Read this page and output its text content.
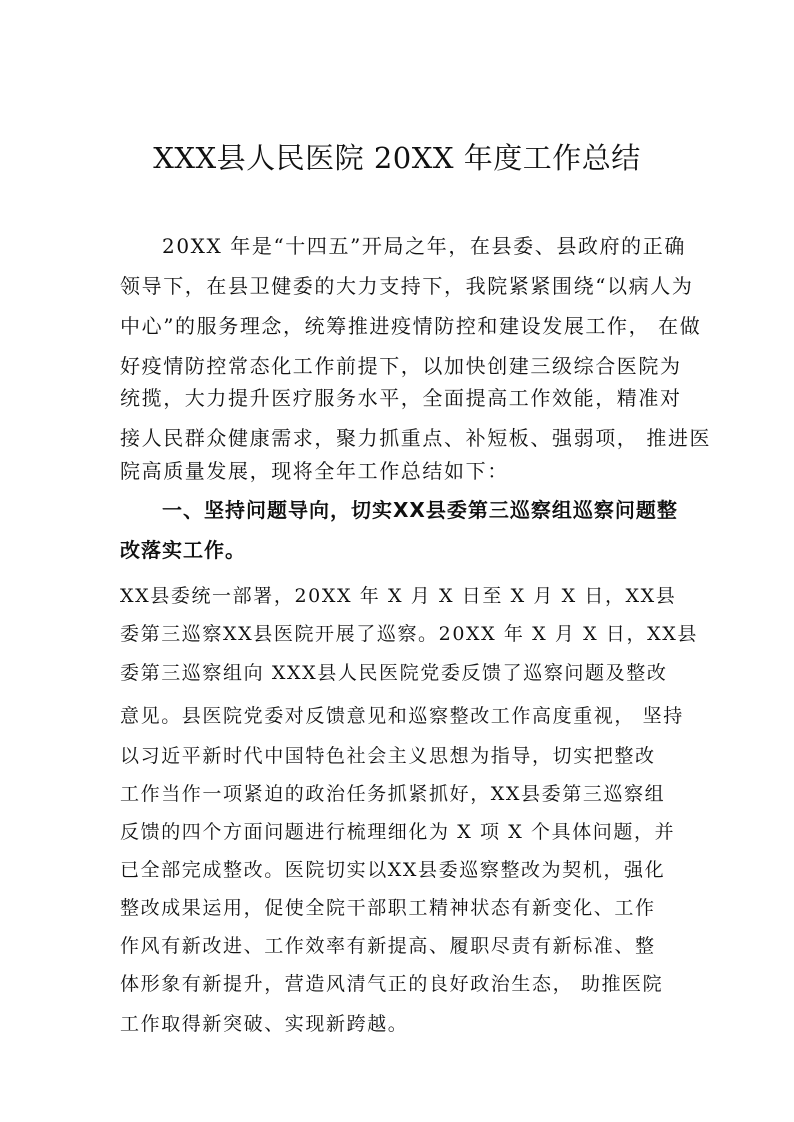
XXX县人民医院 20XX 年度工作总结
20XX 年是“十四五”开局之年，在县委、县政府的正确
领导下，在县卫健委的大力支持下，我院紧紧围绕“以病人为
中心”的服务理念，统筹推进疫情防控和建设发展工作， 在做
好疫情防控常态化工作前提下，以加快创建三级综合医院为
统揽，大力提升医疗服务水平，全面提高工作效能，精准对
接人民群众健康需求，聚力抓重点、补短板、强弱项， 推进医
院高质量发展，现将全年工作总结如下：
一、坚持问题导向，切实XX县委第三巡察组巡察问题整
改落实工作。
XX县委统一部署，20XX 年 X 月 X 日至 X 月 X 日，XX县
委第三巡察XX县医院开展了巡察。20XX 年 X 月 X 日，XX县
委第三巡察组向 XXX县人民医院党委反馈了巡察问题及整改
意见。县医院党委对反馈意见和巡察整改工作高度重视， 坚持
以习近平新时代中国特色社会主义思想为指导，切实把整改
工作当作一项紧迫的政治任务抓紧抓好，XX县委第三巡察组
反馈的四个方面问题进行梳理细化为 X 项 X 个具体问题，并
已全部完成整改。医院切实以XX县委巡察整改为契机，强化
整改成果运用，促使全院干部职工精神状态有新变化、工作
作风有新改进、工作效率有新提高、履职尽责有新标准、整
体形象有新提升，营造风清气正的良好政治生态， 助推医院
工作取得新突破、实现新跨越。
